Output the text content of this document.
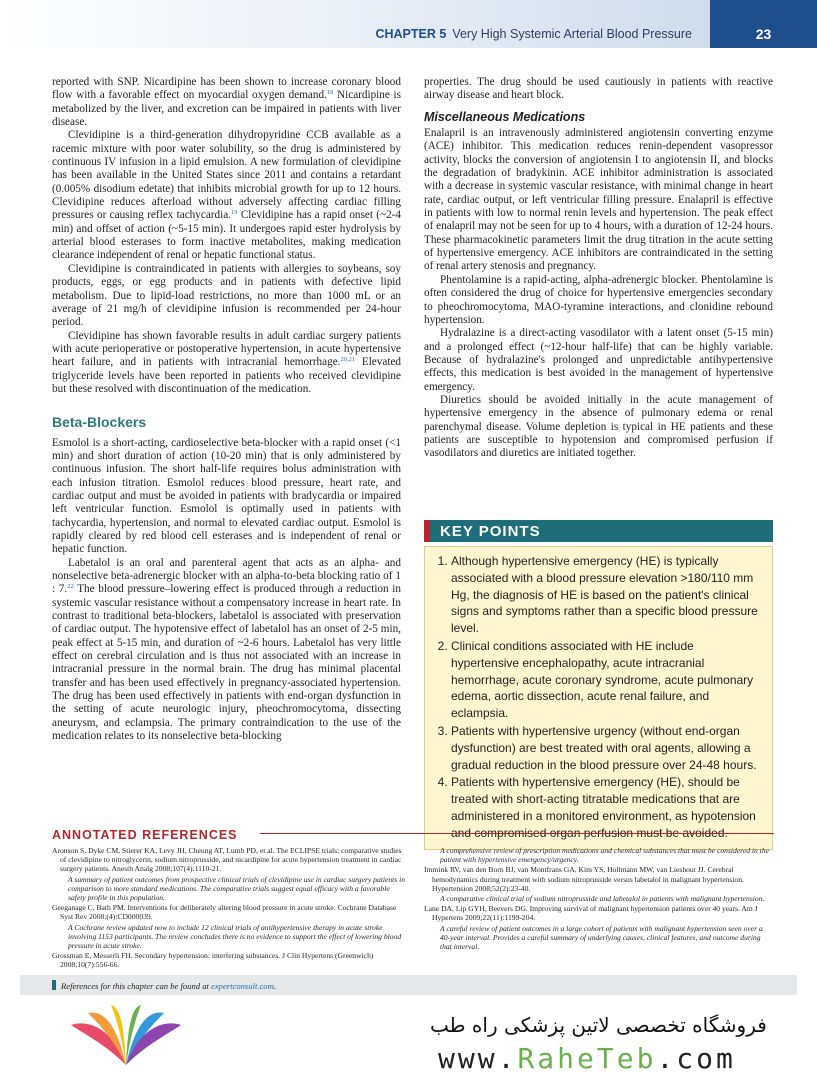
CHAPTER 5 Very High Systemic Arterial Blood Pressure	23

reported with SNP. Nicardipine has been shown to increase coronary blood flow with a favorable effect on myocardial oxygen demand.$^{18}$ Nicardipine is metabolized by the liver, and excretion can be impaired in patients with liver disease.

Clevidipine is a third-generation dihydropyridine CCB available as a racemic mixture with poor water solubility, so the drug is administered by continuous IV infusion in a lipid emulsion. A new formulation of clevidipine has been available in the United States since 2011 and contains a retardant (0.005% disodium edetate) that inhibits microbial growth for up to 12 hours. Clevidipine reduces afterload without adversely affecting cardiac filling pressures or causing reflex tachycardia.$^{19}$ Clevidipine has a rapid onset (~2-4 min) and offset of action (~5-15 min). It undergoes rapid ester hydrolysis by arterial blood esterases to form inactive metabolites, making medication clearance independent of renal or hepatic functional status.

Clevidipine is contraindicated in patients with allergies to soybeans, soy products, eggs, or egg products and in patients with defective lipid metabolism. Due to lipid-load restrictions, no more than 1000 mL or an average of 21 mg/h of clevidipine infusion is recommended per 24-hour period.

Clevidipine has shown favorable results in adult cardiac surgery patients with acute perioperative or postoperative hypertension, in acute hypertensive heart failure, and in patients with intracranial hemorrhage.$^{20,21}$ Elevated triglyceride levels have been reported in patients who received clevidipine but these resolved with discontinuation of the medication.

Beta-Blockers

Esmolol is a short-acting, cardioselective beta-blocker with a rapid onset (<1 min) and short duration of action (10-20 min) that is only administered by continuous infusion. The short half-life requires bolus administration with each infusion titration. Esmolol reduces blood pressure, heart rate, and cardiac output and must be avoided in patients with bradycardia or impaired left ventricular function. Esmolol is optimally used in patients with tachycardia, hypertension, and normal to elevated cardiac output. Esmolol is rapidly cleared by red blood cell esterases and is independent of renal or hepatic function.

Labetalol is an oral and parenteral agent that acts as an alpha- and nonselective beta-adrenergic blocker with an alpha-to-beta blocking ratio of 1 : 7.22 The blood pressure–lowering effect is produced through a reduction in systemic vascular resistance without a compensatory increase in heart rate. In contrast to traditional beta-blockers, labetalol is associated with preservation of cardiac output. The hypotensive effect of labetalol has an onset of 2-5 min, peak effect at 5-15 min, and duration of ~2-6 hours. Labetalol has very little effect on cerebral circulation and is thus not associated with an increase in intracranial pressure in the normal brain. The drug has minimal placental transfer and has been used effectively in pregnancy-associated hypertension. The drug has been used effectively in patients with end-organ dysfunction in the setting of acute neurologic injury, pheochromocytoma, dissecting aneurysm, and eclampsia. The primary contraindication to the use of the medication relates to its nonselective beta-blocking

properties. The drug should be used cautiously in patients with reactive airway disease and heart block.

Miscellaneous Medications

Enalapril is an intravenously administered angiotensin converting enzyme (ACE) inhibitor. This medication reduces renin-dependent vasopressor activity, blocks the conversion of angiotensin I to angiotensin II, and blocks the degradation of bradykinin. ACE inhibitor administration is associated with a decrease in systemic vascular resistance, with minimal change in heart rate, cardiac output, or left ventricular filling pressure. Enalapril is effective in patients with low to normal renin levels and hypertension. The peak effect of enalapril may not be seen for up to 4 hours, with a duration of 12-24 hours. These pharmacokinetic parameters limit the drug titration in the acute setting of hypertensive emergency. ACE inhibitors are contraindicated in the setting of renal artery stenosis and pregnancy.

Phentolamine is a rapid-acting, alpha-adrenergic blocker. Phentolamine is often considered the drug of choice for hypertensive emergencies secondary to pheochromocytoma, MAO-tyramine interactions, and clonidine rebound hypertension.

Hydralazine is a direct-acting vasodilator with a latent onset (5-15 min) and a prolonged effect (~12-hour half-life) that can be highly variable. Because of hydralazine's prolonged and unpredictable antihypertensive effects, this medication is best avoided in the management of hypertensive emergency.

Diuretics should be avoided initially in the acute management of hypertensive emergency in the absence of pulmonary edema or renal parenchymal disease. Volume depletion is typical in HE patients and these patients are susceptible to hypotension and compromised perfusion if vasodilators and diuretics are initiated together.

KEY POINTS
1. Although hypertensive emergency (HE) is typically associated with a blood pressure elevation >180/110 mm Hg, the diagnosis of HE is based on the patient's clinical signs and symptoms rather than a specific blood pressure level.
2. Clinical conditions associated with HE include hypertensive encephalopathy, acute intracranial hemorrhage, acute coronary syndrome, acute pulmonary edema, aortic dissection, acute renal failure, and eclampsia.
3. Patients with hypertensive urgency (without end-organ dysfunction) are best treated with oral agents, allowing a gradual reduction in the blood pressure over 24-48 hours.
4. Patients with hypertensive emergency (HE), should be treated with short-acting titratable medications that are administered in a monitored environment, as hypotension and compromised organ perfusion must be avoided.
ANNOTATED REFERENCES

Aronson S, Dyke CM, Stierer KA, Levy JH, Cheung AT, Lumb PD, et al. The ECLIPSE trials: comparative studies of clevidipine to nitroglycerin, sodium nitroprusside, and nicardipine for acute hypertension treatment in cardiac surgery patients. Anesth Analg 2008;107(4):1110-21.

A summary of patient outcomes from prospective clinical trials of clevidipine use in cardiac surgery patients in comparison to more standard medications. The comparative trials suggest equal efficacy with a favorable safety profile in this population.

Geeganage C, Bath PM. Interventions for deliberately altering blood pressure in acute stroke. Cochrane Database Syst Rev 2008;(4):CD000039.

A Cochrane review updated now to include 12 clinical trials of antihypertensive therapy in acute stroke involving 1153 participants. The review concludes there is no evidence to support the effect of lowering blood pressure in acute stroke.

Grossman E, Messerli FH. Secondary hypertension: interfering substances. J Clin Hypertens (Greenwich) 2008;10(7):556-66.

A comprehensive review of prescription medications and chemical substances that must be considered in the patient with hypertensive emergency/urgency.

Immink RV, van den Born BJ, van Montfrans GA, Kim YS, Hollmann MW, van Lieshout JJ. Cerebral hemodynamics during treatment with sodium nitroprusside versus labetalol in malignant hypertension. Hypertension 2008;52(2):23-40.

A comparative clinical trial of sodium nitroprusside and labetalol in patients with malignant hypertension.

Lane DA, Lip GYH, Beevers DG. Improving survival of malignant hypertension patients over 40 years. Am J Hypertens 2009;22(11):1199-204.

A careful review of patient outcomes in a large cohort of patients with malignant hypertension seen over a 40-year interval. Provides a careful summary of underlying causes, clinical features, and outcome during that interval.

References for this chapter can be found at expertconsult.com.
فروشگاه تخصصی لاتین پزشکی راه طب
www.RaheTeb.com
